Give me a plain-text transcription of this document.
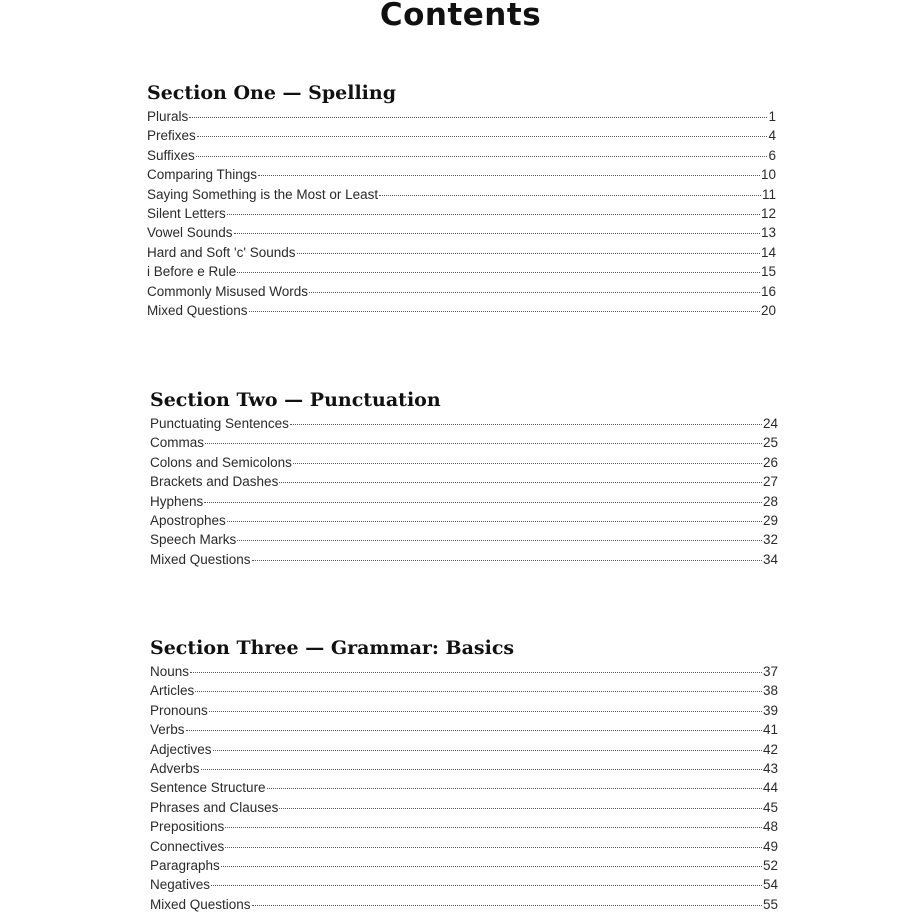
Contents
Section One — Spelling
Plurals	1
Prefixes	4
Suffixes	6
Comparing Things	10
Saying Something is the Most or Least	11
Silent Letters	12
Vowel Sounds	13
Hard and Soft 'c' Sounds	14
i Before e Rule	15
Commonly Misused Words	16
Mixed Questions	20
Section Two — Punctuation
Punctuating Sentences	24
Commas	25
Colons and Semicolons	26
Brackets and Dashes	27
Hyphens	28
Apostrophes	29
Speech Marks	32
Mixed Questions	34
Section Three — Grammar: Basics
Nouns	37
Articles	38
Pronouns	39
Verbs	41
Adjectives	42
Adverbs	43
Sentence Structure	44
Phrases and Clauses	45
Prepositions	48
Connectives	49
Paragraphs	52
Negatives	54
Mixed Questions	55
